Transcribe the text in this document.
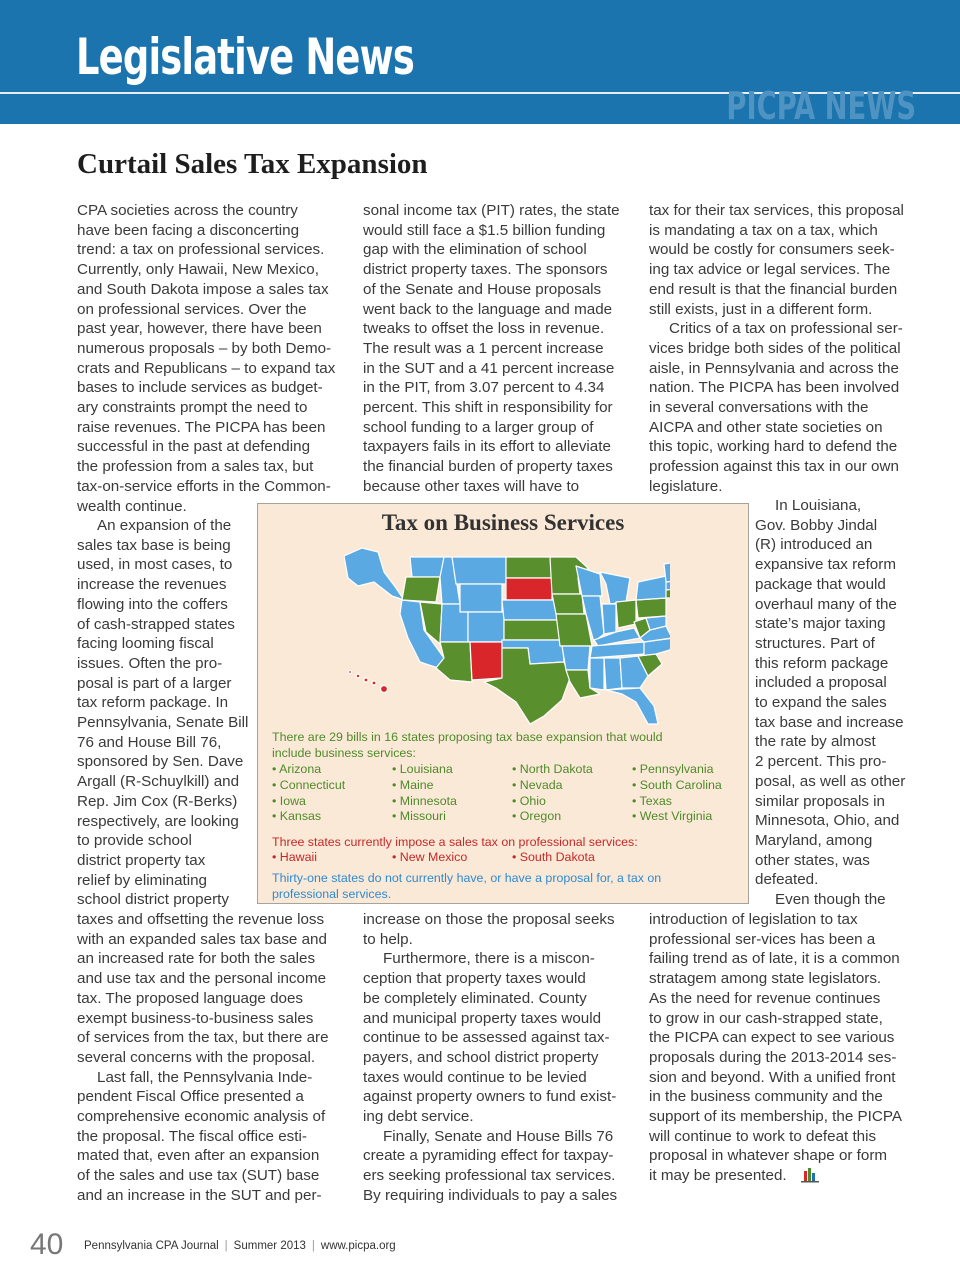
Legislative News
PICPA NEWS
Curtail Sales Tax Expansion

CPA societies across the country
have been facing a disconcerting
trend: a tax on professional services.
Currently, only Hawaii, New Mexico,
and South Dakota impose a sales tax
on professional services. Over the
past year, however, there have been
numerous proposals – by both Demo-
crats and Republicans – to expand tax
bases to include services as budget-
ary constraints prompt the need to
raise revenues. The PICPA has been
successful in the past at defending
the profession from a sales tax, but
tax-on-service efforts in the Common-
wealth continue.

An expansion of the
sales tax base is being
used, in most cases, to
increase the revenues
flowing into the coffers
of cash-strapped states
facing looming fiscal
issues. Often the pro-
posal is part of a larger
tax reform package. In
Pennsylvania, Senate Bill
76 and House Bill 76,
sponsored by Sen. Dave
Argall (R-Schuylkill) and
Rep. Jim Cox (R-Berks)
respectively, are looking
to provide school
district property tax
relief by eliminating
school district property

taxes and offsetting the revenue loss
with an expanded sales tax base and
an increased rate for both the sales
and use tax and the personal income
tax. The proposed language does
exempt business-to-business sales
of services from the tax, but there are
several concerns with the proposal.

Last fall, the Pennsylvania Inde-
pendent Fiscal Office presented a
comprehensive economic analysis of
the proposal. The fiscal office esti-
mated that, even after an expansion
of the sales and use tax (SUT) base
and an increase in the SUT and per-

sonal income tax (PIT) rates, the state
would still face a $1.5 billion funding
gap with the elimination of school
district property taxes. The sponsors
of the Senate and House proposals
went back to the language and made
tweaks to offset the loss in revenue.
The result was a 1 percent increase
in the SUT and a 41 percent increase
in the PIT, from 3.07 percent to 4.34
percent. This shift in responsibility for
school funding to a larger group of
taxpayers fails in its effort to alleviate
the financial burden of property taxes
because other taxes will have to

increase on those the proposal seeks
to help.

Furthermore, there is a miscon-
ception that property taxes would
be completely eliminated. County
and municipal property taxes would
continue to be assessed against tax-
payers, and school district property
taxes would continue to be levied
against property owners to fund exist-
ing debt service.

Finally, Senate and House Bills 76
create a pyramiding effect for taxpay-
ers seeking professional tax services.
By requiring individuals to pay a sales

tax for their tax services, this proposal
is mandating a tax on a tax, which
would be costly for consumers seek-
ing tax advice or legal services. The
end result is that the financial burden
still exists, just in a different form.

Critics of a tax on professional ser-
vices bridge both sides of the political
aisle, in Pennsylvania and across the
nation. The PICPA has been involved
in several conversations with the
AICPA and other state societies on
this topic, working hard to defend the
profession against this tax in our own
legislature.

In Louisiana,
Gov. Bobby Jindal
(R) introduced an
expansive tax reform
package that would
overhaul many of the
state’s major taxing
structures. Part of
this reform package
included a proposal
to expand the sales
tax base and increase
the rate by almost
2 percent. This pro-
posal, as well as other
similar proposals in
Minnesota, Ohio, and
Maryland, among
other states, was
defeated.

Even though the

introduction of legislation to tax
professional ser-vices has been a
failing trend as of late, it is a common
stratagem among state legislators.
As the need for revenue continues
to grow in our cash-strapped state,
the PICPA can expect to see various
proposals during the 2013-2014 ses-
sion and beyond. With a unified front
in the business community and the
support of its membership, the PICPA
will continue to work to defeat this
proposal in whatever shape or form
it may be presented.

Tax on Business Services
There are 29 bills in 16 states proposing tax base expansion that would include business services:
• Arizona
• Connecticut
• Iowa
• Kansas
• Louisiana
• Maine
• Minnesota
• Missouri
• North Dakota
• Nevada
• Ohio
• Oregon
• Pennsylvania
• South Carolina
• Texas
• West Virginia
Three states currently impose a sales tax on professional services:
• Hawaii	• New Mexico	• South Dakota
Thirty-one states do not currently have, or have a proposal for, a tax on professional services.
40 Pennsylvania CPA Journal | Summer 2013 | www.picpa.org
